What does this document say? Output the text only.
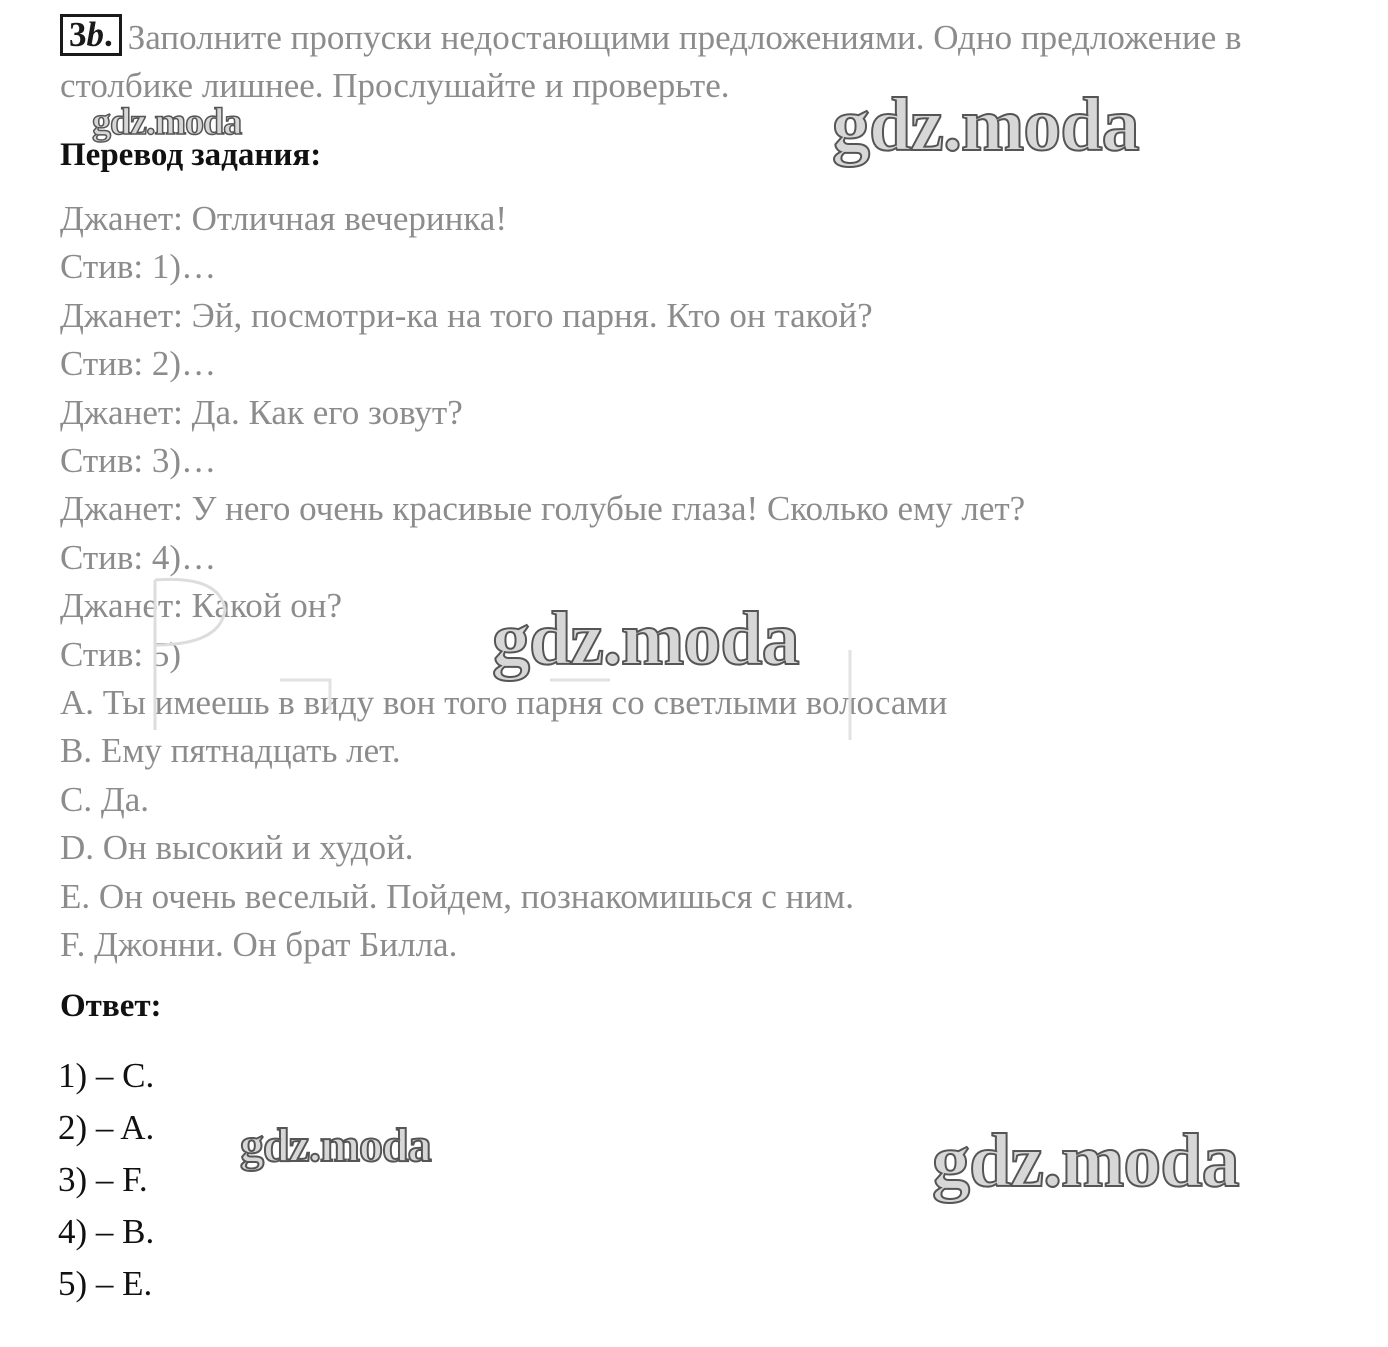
3b. Заполните пропуски недостающими предложениями. Одно предложение в столбике лишнее. Прослушайте и проверьте.
gdz.moda	gdz.moda
Перевод задания:
Джанет: Отличная вечеринка!
Стив: 1)…
Джанет: Эй, посмотри-ка на того парня. Кто он такой?
Стив: 2)…
Джанет: Да. Как его зовут?
Стив: 3)…
Джанет: У него очень красивые голубые глаза! Сколько ему лет?
Стив: 4)…
Джанет: Какой он?
Стив: 5)
A. Ты имеешь в виду вон того парня со светлыми волосами
B. Ему пятнадцать лет.
C. Да.
D. Он высокий и худой.
E. Он очень веселый. Пойдем, познакомишься с ним.
F. Джонни. Он брат Билла.
gdz.moda
Ответ:
1) – C.
2) – A.
3) – F.
4) – B.
5) – E.
gdz.moda	gdz.moda
